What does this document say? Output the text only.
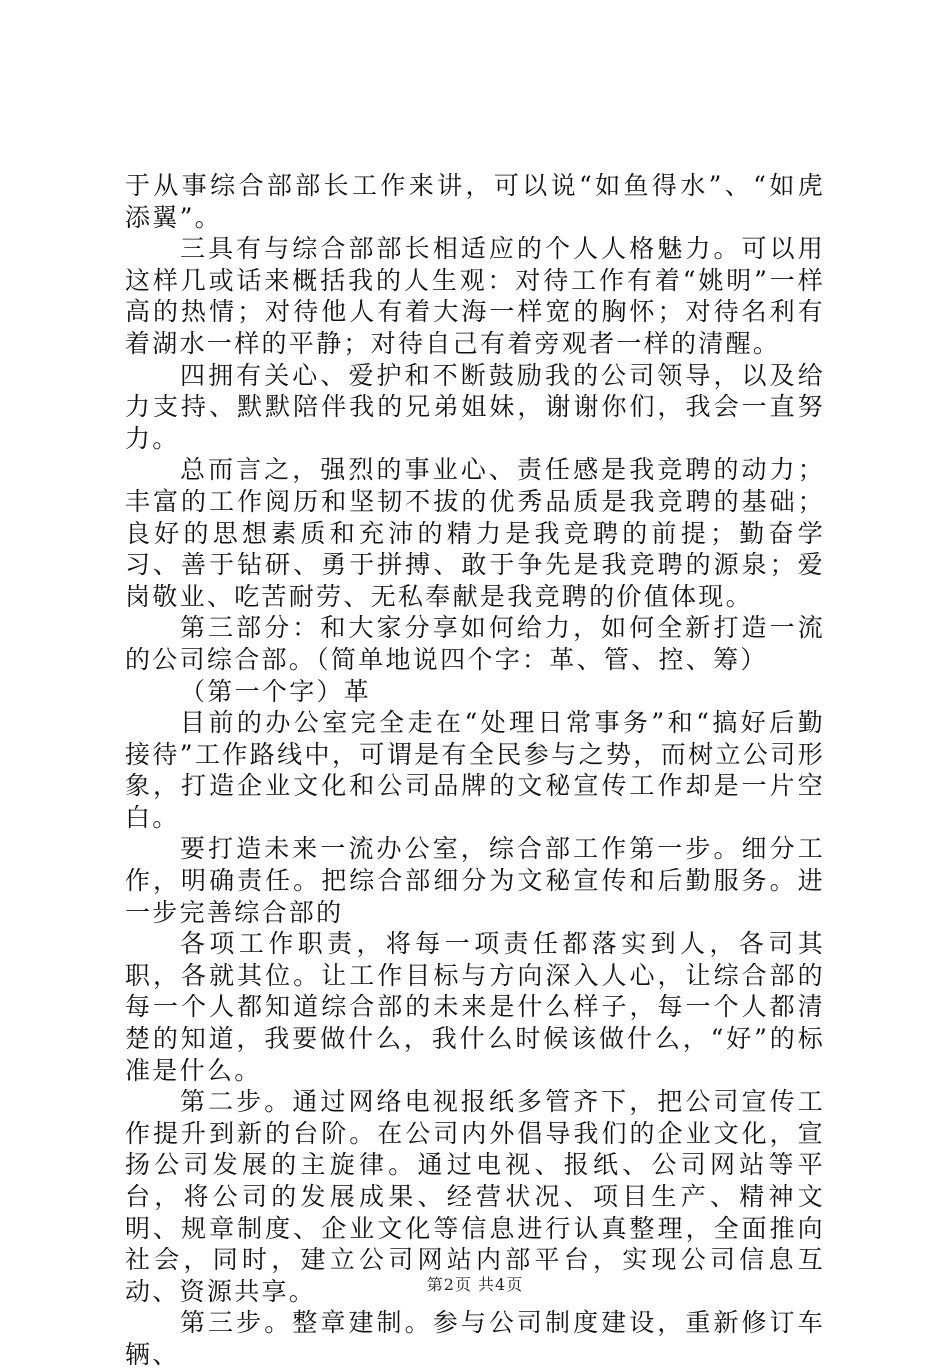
于从事综合部部长工作来讲，可以说“如鱼得水”、“如虎添翼”。

三具有与综合部部长相适应的个人人格魅力。可以用这样几或话来概括我的人生观：对待工作有着“姚明”一样高的热情；对待他人有着大海一样宽的胸怀；对待名利有着湖水一样的平静；对待自己有着旁观者一样的清醒。

四拥有关心、爱护和不断鼓励我的公司领导，以及给力支持、默默陪伴我的兄弟姐妹，谢谢你们，我会一直努力。

总而言之，强烈的事业心、责任感是我竞聘的动力；丰富的工作阅历和坚韧不拔的优秀品质是我竞聘的基础；良好的思想素质和充沛的精力是我竞聘的前提；勤奋学习、善于钻研、勇于拼搏、敢于争先是我竞聘的源泉；爱岗敬业、吃苦耐劳、无私奉献是我竞聘的价值体现。

第三部分：和大家分享如何给力，如何全新打造一流的公司综合部。（简单地说四个字：革、管、控、筹）

（第一个字）革

目前的办公室完全走在“处理日常事务”和“搞好后勤接待”工作路线中，可谓是有全民参与之势，而树立公司形象，打造企业文化和公司品牌的文秘宣传工作却是一片空白。

要打造未来一流办公室，综合部工作第一步。细分工作，明确责任。把综合部细分为文秘宣传和后勤服务。进一步完善综合部的

各项工作职责，将每一项责任都落实到人，各司其职，各就其位。让工作目标与方向深入人心，让综合部的每一个人都知道综合部的未来是什么样子，每一个人都清楚的知道，我要做什么，我什么时候该做什么，“好”的标准是什么。

第二步。通过网络电视报纸多管齐下，把公司宣传工作提升到新的台阶。在公司内外倡导我们的企业文化，宣扬公司发展的主旋律。通过电视、报纸、公司网站等平台，将公司的发展成果、经营状况、项目生产、精神文明、规章制度、企业文化等信息进行认真整理，全面推向社会，同时，建立公司网站内部平台，实现公司信息互动、资源共享。

第三步。整章建制。参与公司制度建设，重新修订车辆、

第2页 共4页
